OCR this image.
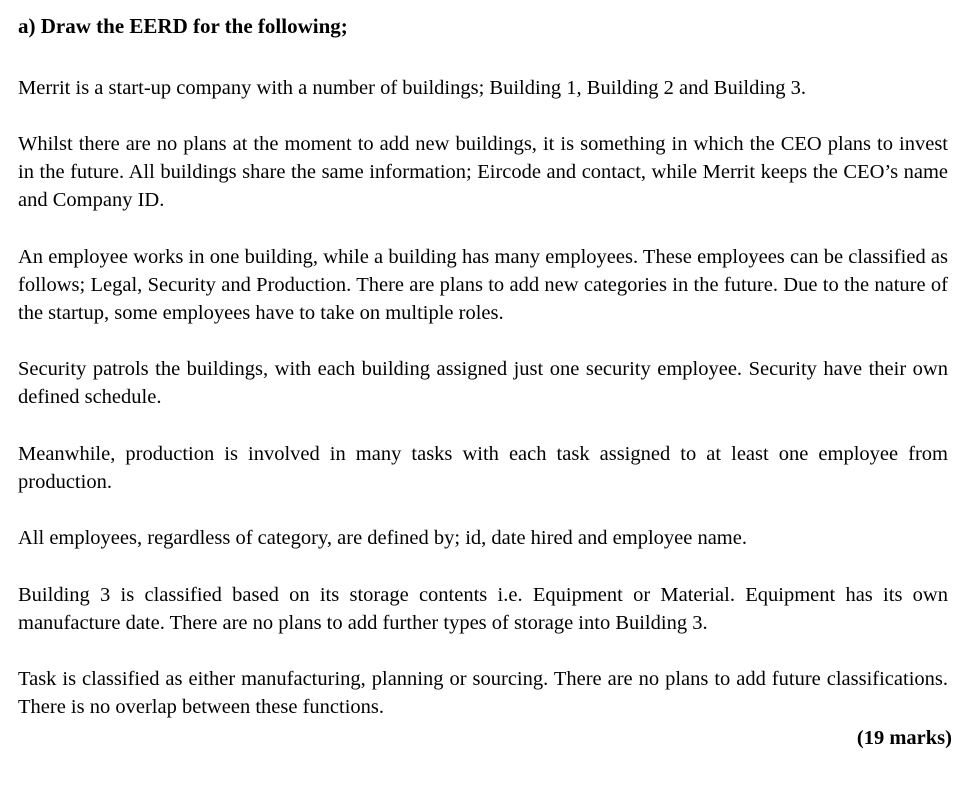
a) Draw the EERD for the following;

Merrit is a start-up company with a number of buildings; Building 1, Building 2 and Building 3.

Whilst there are no plans at the moment to add new buildings, it is something in which the CEO plans to invest in the future. All buildings share the same information; Eircode and contact, while Merrit keeps the CEO’s name and Company ID.

An employee works in one building, while a building has many employees. These employees can be classified as follows; Legal, Security and Production. There are plans to add new categories in the future. Due to the nature of the startup, some employees have to take on multiple roles.

Security patrols the buildings, with each building assigned just one security employee. Security have their own defined schedule.

Meanwhile, production is involved in many tasks with each task assigned to at least one employee from production.

All employees, regardless of category, are defined by; id, date hired and employee name.

Building 3 is classified based on its storage contents i.e. Equipment or Material. Equipment has its own manufacture date. There are no plans to add further types of storage into Building 3.

Task is classified as either manufacturing, planning or sourcing. There are no plans to add future classifications. There is no overlap between these functions.

(19 marks)
